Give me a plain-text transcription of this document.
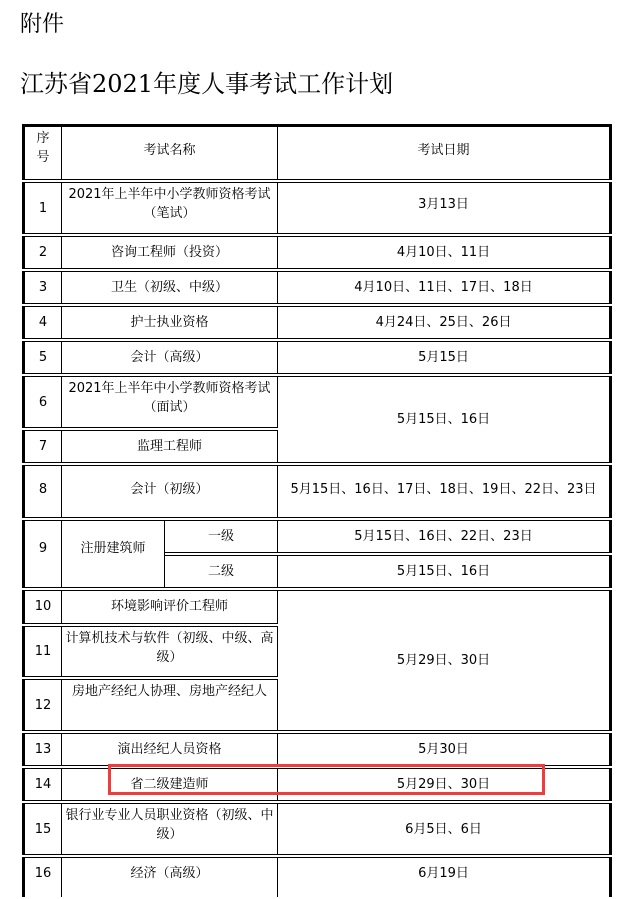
附件
江苏省2021年度人事考试工作计划
序号	考试名称		考试日期
1	2021年上半年中小学教师资格考试（笔试）		3月13日
2	咨询工程师（投资）		4月10日、11日
3	卫生（初级、中级）		4月10日、11日、17日、18日
4	护士执业资格		4月24日、25日、26日
5	会计（高级）		5月15日
6	2021年上半年中小学教师资格考试（面试）		5月15日、16日
7	监理工程师		
8	会计（初级）		5月15日、16日、17日、18日、19日、22日、23日
9	注册建筑师	一级	5月15日、16日、22日、23日
		二级	5月15日、16日
10	环境影响评价工程师		5月29日、30日
11	计算机技术与软件（初级、中级、高级）		
12	房地产经纪人协理、房地产经纪人		
13	演出经纪人员资格		5月30日
14	省二级建造师		5月29日、30日
15	银行业专业人员职业资格（初级、中级）		6月5日、6日
16	经济（高级）		6月19日
